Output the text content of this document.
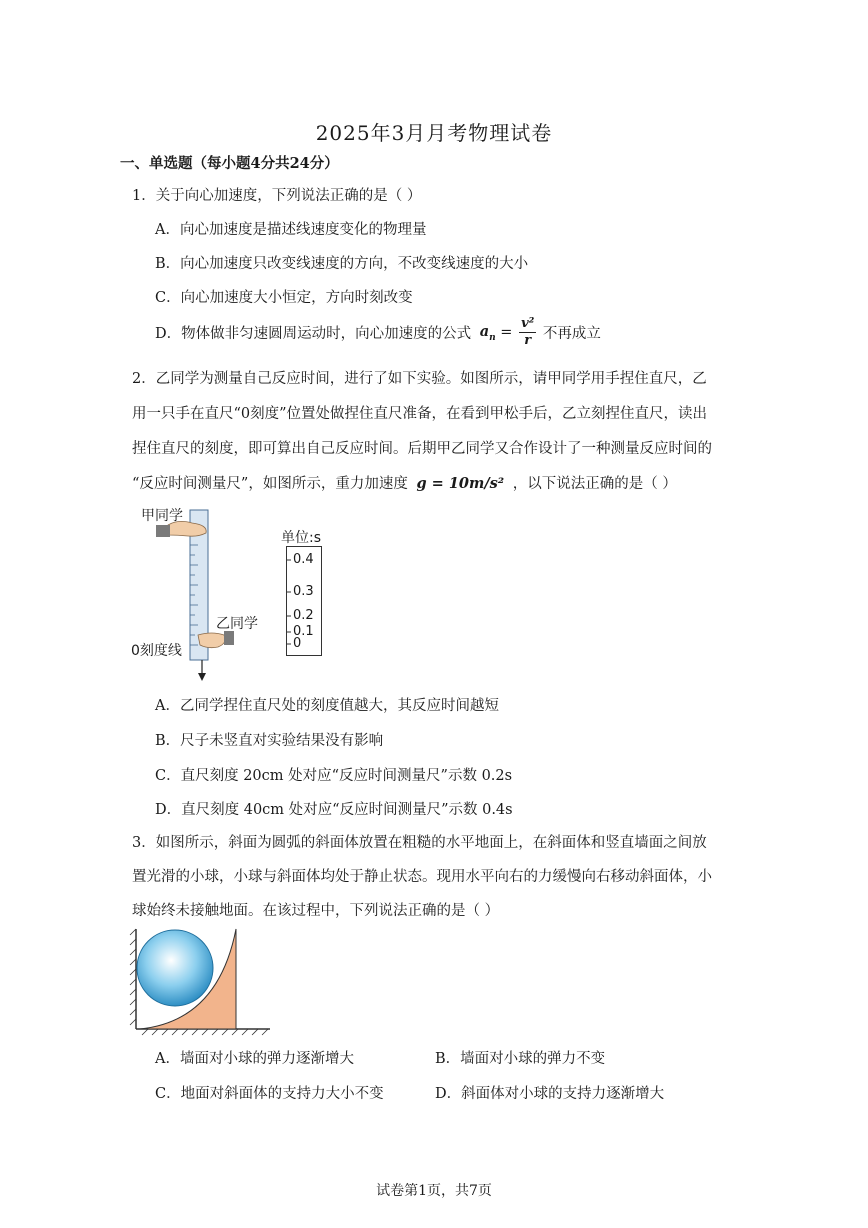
2025年3月月考物理试卷
一、单选题（每小题4分共24分）
1．关于向心加速度，下列说法正确的是（ ）
A．向心加速度是描述线速度变化的物理量
B．向心加速度只改变线速度的方向，不改变线速度的大小
C．向心加速度大小恒定，方向时刻改变
D．物体做非匀速圆周运动时，向心加速度的公式 $a_n = \frac{\text{v²}}{r}$ 不再成立
2．乙同学为测量自己反应时间，进行了如下实验。如图所示，请甲同学用手捏住直尺，乙
用一只手在直尺“0刻度”位置处做捏住直尺准备，在看到甲松手后，乙立刻捏住直尺，读出
捏住直尺的刻度，即可算出自己反应时间。后期甲乙同学又合作设计了一种测量反应时间的
“反应时间测量尺”，如图所示，重力加速度 g = 10m/s² ，以下说法正确的是（ ）
甲同学
乙同学
0刻度线
单位:s
0.4
0.3
0.2
0.1
0
A．乙同学捏住直尺处的刻度值越大，其反应时间越短
B．尺子未竖直对实验结果没有影响
C．直尺刻度 20cm 处对应“反应时间测量尺”示数 0.2s
D．直尺刻度 40cm 处对应“反应时间测量尺”示数 0.4s
3．如图所示，斜面为圆弧的斜面体放置在粗糙的水平地面上，在斜面体和竖直墙面之间放
置光滑的小球，小球与斜面体均处于静止状态。现用水平向右的力缓慢向右移动斜面体，小
球始终未接触地面。在该过程中，下列说法正确的是（ ）
A．墙面对小球的弹力逐渐增大	B．墙面对小球的弹力不变
C．地面对斜面体的支持力大小不变	D．斜面体对小球的支持力逐渐增大
试卷第1页，共7页
